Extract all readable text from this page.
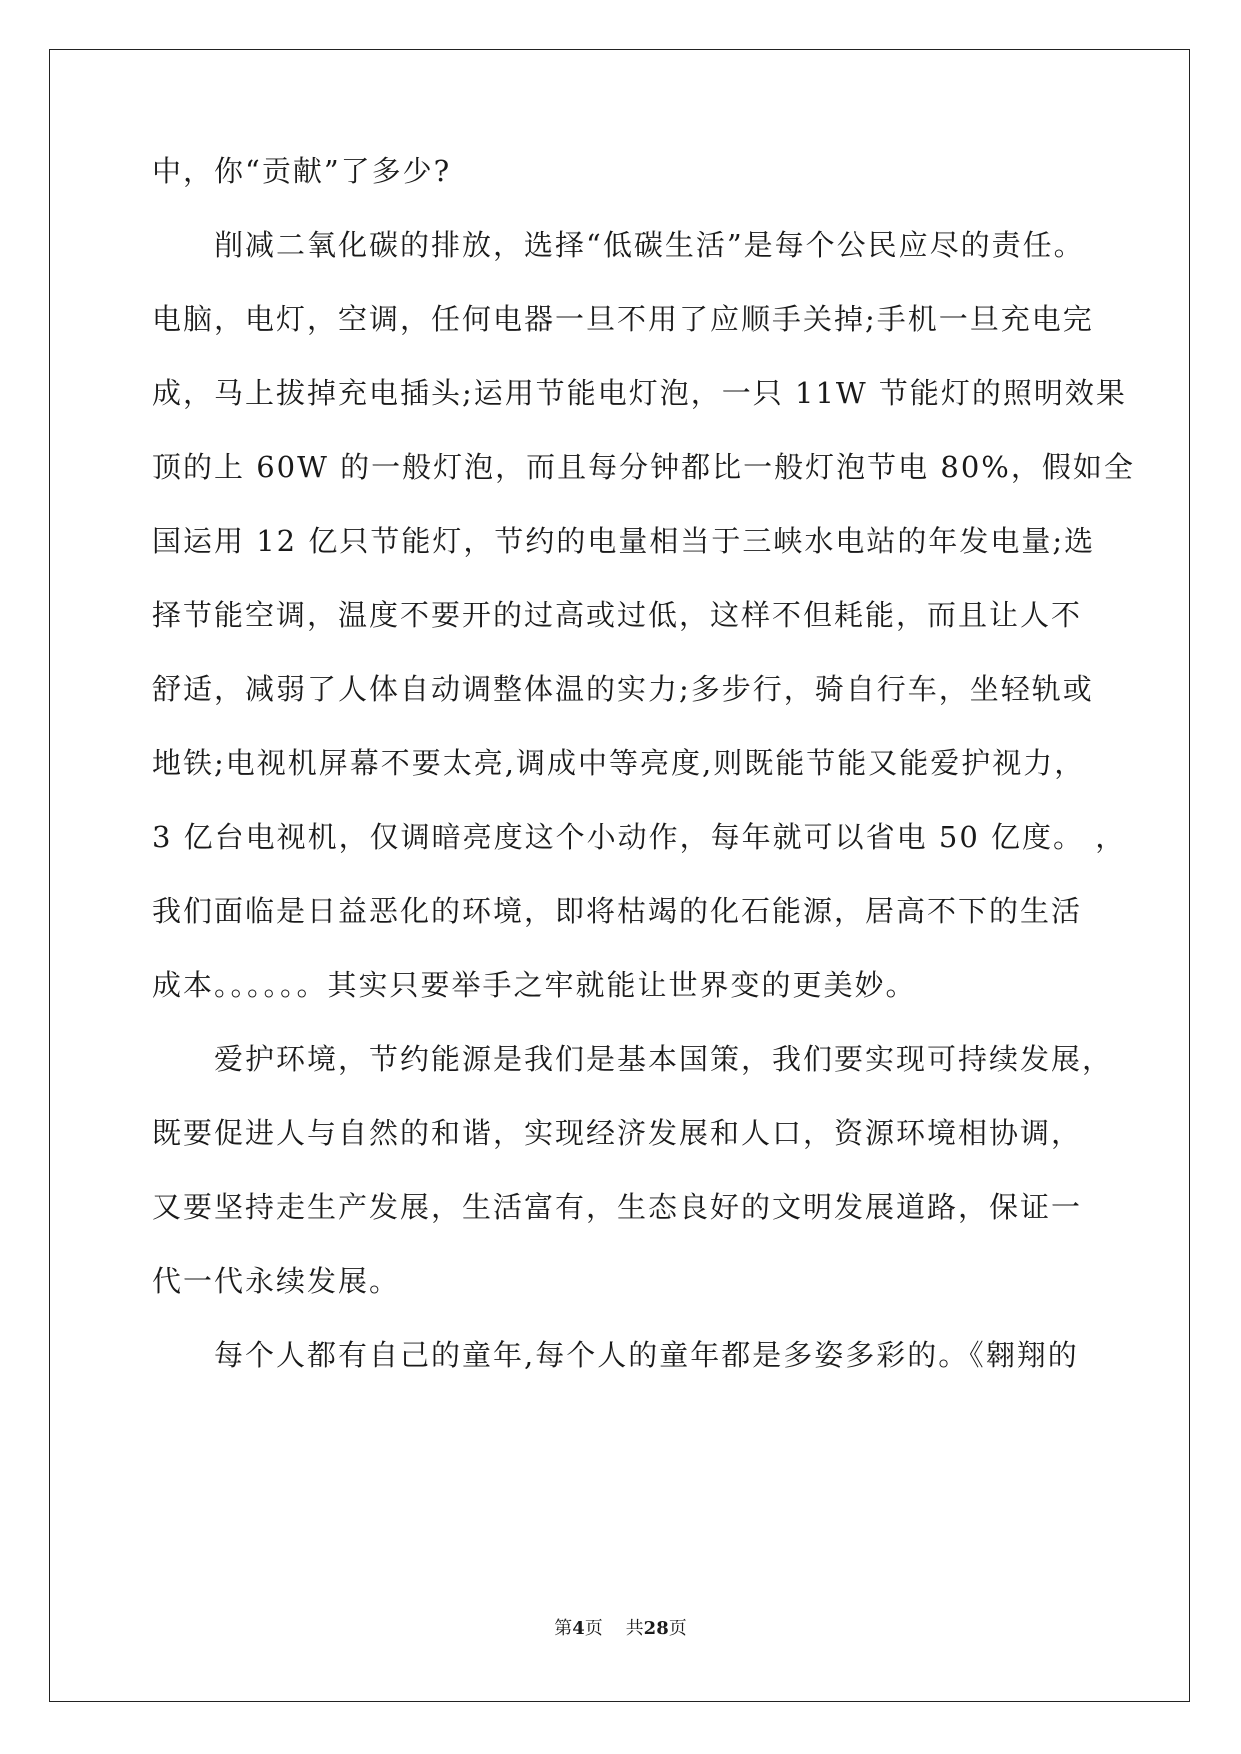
中，你“贡献”了多少?
削减二氧化碳的排放，选择“低碳生活”是每个公民应尽的责任。
电脑，电灯，空调，任何电器一旦不用了应顺手关掉;手机一旦充电完
成，马上拔掉充电插头;运用节能电灯泡，一只 11W 节能灯的照明效果
顶的上 60W 的一般灯泡，而且每分钟都比一般灯泡节电 80%，假如全
国运用 12 亿只节能灯，节约的电量相当于三峡水电站的年发电量;选
择节能空调，温度不要开的过高或过低，这样不但耗能，而且让人不
舒适，减弱了人体自动调整体温的实力;多步行，骑自行车，坐轻轨或
地铁;电视机屏幕不要太亮,调成中等亮度,则既能节能又能爱护视力，
3 亿台电视机，仅调暗亮度这个小动作，每年就可以省电 50 亿度。 ，
我们面临是日益恶化的环境，即将枯竭的化石能源，居高不下的生活
成本。。。。。。其实只要举手之牢就能让世界变的更美妙。
爱护环境，节约能源是我们是基本国策，我们要实现可持续发展，
既要促进人与自然的和谐，实现经济发展和人口，资源环境相协调，
又要坚持走生产发展，生活富有，生态良好的文明发展道路，保证一
代一代永续发展。
每个人都有自己的童年,每个人的童年都是多姿多彩的。《翱翔的
第4页 共28页
